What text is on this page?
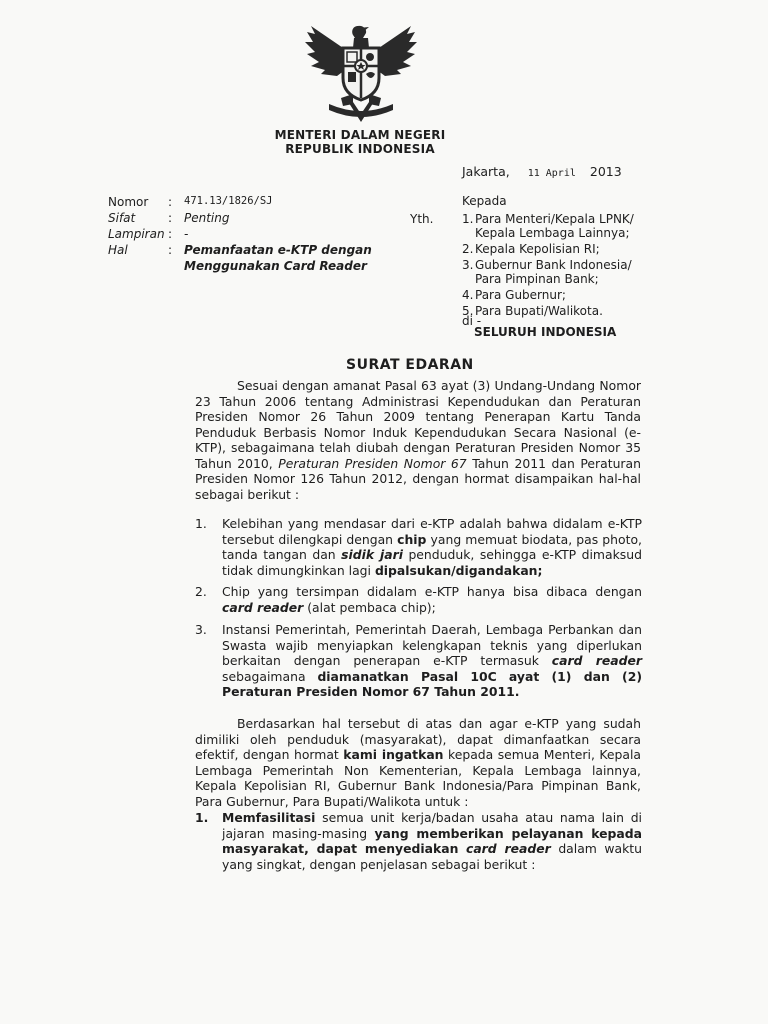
MENTERI DALAM NEGERI
REPUBLIK INDONESIA
Jakarta, 11 April 2013
Nomor : 471.13/1826/SJ
Sifat	: Penting
Lampiran : -
Hal	: Pemanfaatan e-KTP dengan
Menggunakan Card Reader
Kepada
Yth. 1. Para Menteri/Kepala LPNK/
Kepala Lembaga Lainnya;
2. Kepala Kepolisian RI;
3. Gubernur Bank Indonesia/
Para Pimpinan Bank;
4. Para Gubernur;
5. Para Bupati/Walikota.
di -
SELURUH INDONESIA
SURAT EDARAN
Sesuai dengan amanat Pasal 63 ayat (3) Undang-Undang Nomor 23 Tahun 2006 tentang Administrasi Kependudukan dan Peraturan Presiden Nomor 26 Tahun 2009 tentang Penerapan Kartu Tanda Penduduk Berbasis Nomor Induk Kependudukan Secara Nasional (e-KTP), sebagaimana telah diubah dengan Peraturan Presiden Nomor 35 Tahun 2010, Peraturan Presiden Nomor 67 Tahun 2011 dan Peraturan Presiden Nomor 126 Tahun 2012, dengan hormat disampaikan hal-hal sebagai berikut :
1. Kelebihan yang mendasar dari e-KTP adalah bahwa didalam e-KTP tersebut dilengkapi dengan chip yang memuat biodata, pas photo, tanda tangan dan sidik jari penduduk, sehingga e-KTP dimaksud tidak dimungkinkan lagi dipalsukan/digandakan;
2. Chip yang tersimpan didalam e-KTP hanya bisa dibaca dengan card reader (alat pembaca chip);
3. Instansi Pemerintah, Pemerintah Daerah, Lembaga Perbankan dan Swasta wajib menyiapkan kelengkapan teknis yang diperlukan berkaitan dengan penerapan e-KTP termasuk card reader sebagaimana diamanatkan Pasal 10C ayat (1) dan (2) Peraturan Presiden Nomor 67 Tahun 2011.
Berdasarkan hal tersebut di atas dan agar e-KTP yang sudah dimiliki oleh penduduk (masyarakat), dapat dimanfaatkan secara efektif, dengan hormat kami ingatkan kepada semua Menteri, Kepala Lembaga Pemerintah Non Kementerian, Kepala Lembaga lainnya, Kepala Kepolisian RI, Gubernur Bank Indonesia/Para Pimpinan Bank, Para Gubernur, Para Bupati/Walikota untuk :
1. Memfasilitasi semua unit kerja/badan usaha atau nama lain di jajaran masing-masing yang memberikan pelayanan kepada masyarakat, dapat menyediakan card reader dalam waktu yang singkat, dengan penjelasan sebagai berikut :
